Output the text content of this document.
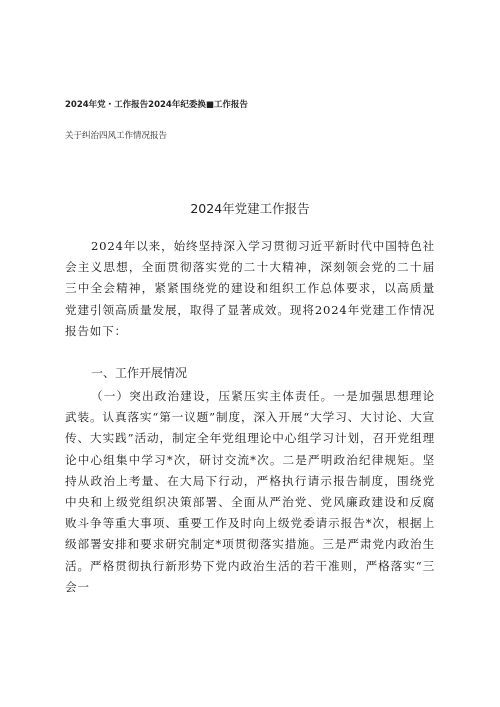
2024年党・工作报告2024年纪委换■工作报告
关于纠治四风工作情况报告
2024年党建工作报告

2024年以来，始终坚持深入学习贯彻习近平新时代中国特色社会主义思想，全面贯彻落实党的二十大精神，深刻领会党的二十届三中全会精神，紧紧围绕党的建设和组织工作总体要求，以高质量党建引领高质量发展，取得了显著成效。现将2024年党建工作情况报告如下：

一、工作开展情况

（一）突出政治建设，压紧压实主体责任。一是加强思想理论武装。认真落实“第一议题”制度，深入开展“大学习、大讨论、大宣传、大实践”活动，制定全年党组理论中心组学习计划，召开党组理论中心组集中学习*次，研讨交流*次。二是严明政治纪律规矩。坚持从政治上考量、在大局下行动，严格执行请示报告制度，围绕党中央和上级党组织决策部署、全面从严治党、党风廉政建设和反腐败斗争等重大事项、重要工作及时向上级党委请示报告*次，根据上级部署安排和要求研究制定*项贯彻落实措施。三是严肃党内政治生活。严格贯彻执行新形势下党内政治生活的若干准则，严格落实“三会一
